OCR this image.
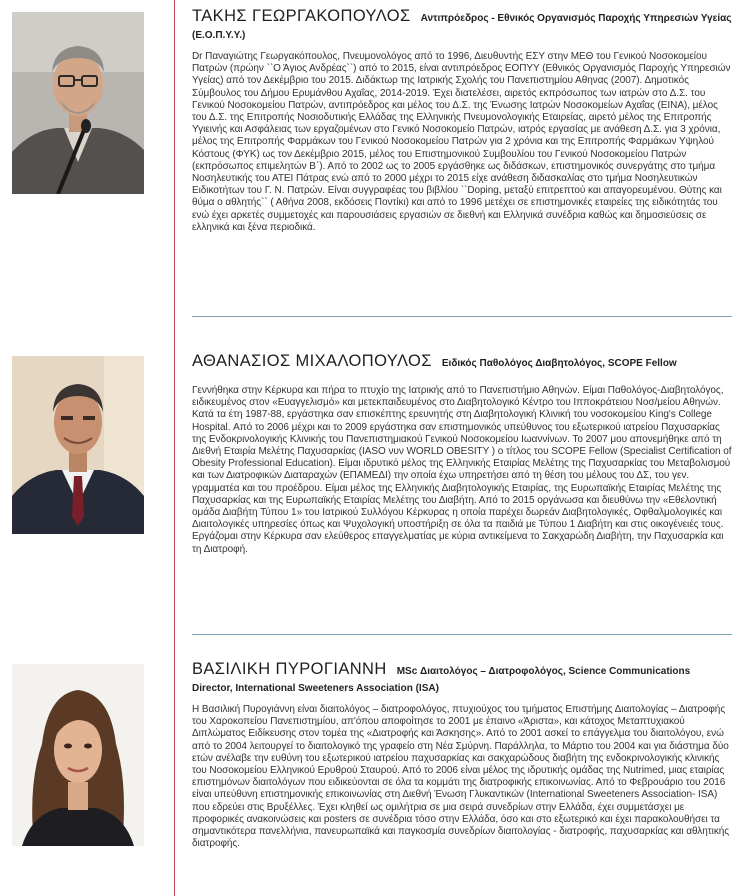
ΤΑΚΗΣ ΓΕΩΡΓΑΚΟΠΟΥΛΟΣ Αντιπρόεδρος - Εθνικός Οργανισμός Παροχής Υπηρεσιών Υγείας (Ε.Ο.Π.Υ.Υ.)
Dr Παναγιώτης Γεωργακόπουλος, Πνευμονολόγος από το 1996, Διευθυντής ΕΣΥ στην ΜΕΘ του Γενικού Νοσοκομείου Πατρών (πρώην ``Ο Άγιος Ανδρέας``) από το 2015, είναι αντιπρόεδρος ΕΟΠΥΥ (Εθνικός Οργανισμός Παροχής Υπηρεσιών Υγείας) από τον Δεκέμβριο του 2015. Διδάκτωρ της Ιατρικής Σχολής του Πανεπιστημίου Αθηνας (2007). Δημοτικός Σύμβουλος του Δήμου Ερυμάνθου Αχαΐας, 2014-2019. Έχει διατελέσει, αιρετός εκπρόσωπος των ιατρών στο Δ.Σ. του Γενικού Νοσοκομείου Πατρών, αντιπρόεδρος και μέλος του Δ.Σ. της Ένωσης Ιατρών Νοσοκομείων Αχαΐας (ΕΙΝΑ), μέλος του Δ.Σ. της Επιτροπής Νοσιοδυτικής Ελλάδας της Ελληνικής Πνευμονολογικής Εταιρείας, αιρετό μέλος της Επιτροπής Υγιεινής και Ασφάλειας των εργαζομένων στο Γενικό Νοσοκομείο Πατρών, ιατρός εργασίας με ανάθεση Δ.Σ. για 3 χρόνια, μέλος της Επιτροπής Φαρμάκων του Γενικού Νοσοκομείου Πατρών για 2 χρόνια και της Επιτροπής Φαρμάκων Υψηλού Κόστους (ΦΥΚ) ως τον Δεκέμβριο 2015, μέλος του Επιστημονικού Συμβουλίου του Γενικού Νοσοκομείου Πατρών (εκπρόσωπος επιμελητών Β΄). Από το 2002 ως το 2005 εργάσθηκε ως διδάσκων, επιστημονικός συνεργάτης στο τμήμα Νοσηλευτικής του ΑΤΕΙ Πάτρας ενώ από το 2000 μέχρι το 2015 είχε ανάθεση διδασκαλίας στο τμήμα Νοσηλευτικών Ειδικοτήτων του Γ. Ν. Πατρών. Είναι συγγραφέας του βιβλίου ``Doping, μεταξύ επιτρεπτού και απαγορευμένου. Θύτης και θύμα ο αθλητής`` ( Αθήνα 2008, εκδόσεις Ποντίκι) και από το 1996 μετέχει σε επιστημονικές εταιρείες της ειδικότητάς του ενώ έχει αρκετές συμμετοχές και παρουσιάσεις εργασιών σε διεθνή και Ελληνικά συνέδρια καθώς και δημοσιεύσεις σε ελληνικά και ξένα περιοδικά.
ΑΘΑΝΑΣΙΟΣ ΜΙΧΑΛΟΠΟΥΛΟΣ Ειδικός Παθολόγος Διαβητολόγος, SCOPE Fellow
Γεννήθηκα στην Κέρκυρα και πήρα το πτυχίο της Ιατρικής από το Πανεπιστήμιο Αθηνών. Είμαι Παθολόγος-Διαβητολόγος, ειδικευμένος στον «Ευαγγελισμό» και μετεκπαιδευμένος στο Διαβητολογικό Κέντρο του Ιπποκράτειου Νοσ/μείου Αθηνών. Κατά τα έτη 1987-88, εργάστηκα σαν επισκέπτης ερευνητής στη Διαβητολογική Κλινική του νοσοκομείου King's College Hospital. Από το 2006 μέχρι και το 2009 εργάστηκα σαν επιστημονικός υπεύθυνος του εξωτερικού ιατρείου Παχυσαρκίας της Ενδοκρινολογικής Κλινικής του Πανεπιστημιακού Γενικού Νοσοκομείου Ιωαννίνων. Το 2007 μου απονεμήθηκε από τη Διεθνή Εταιρία Μελέτης Παχυσαρκίας (IASO νυν WORLD OBESITY ) ο τίτλος του SCOPE Fellow (Specialist Certification of Obesity Professional Education). Είμαι ιδρυτικό μέλος της Ελληνικής Εταιρίας Μελέτης της Παχυσαρκίας του Μεταβολισμού και των Διατροφικών Διαταραχών (ΕΠΑΜΕΔΙ) την οποία έχω υπηρετήσει από τη θέση του μέλους του ΔΣ, του γεν. γραμματέα και του προέδρου. Είμαι μέλος της Ελληνικής Διαβητολογικής Εταιρίας, της Ευρωπαϊκής Εταιρίας Μελέτης της Παχυσαρκίας και της Ευρωπαϊκής Εταιρίας Μελέτης του Διαβήτη. Από το 2015 οργάνωσα και διευθύνω την «Εθελοντική ομάδα Διαβήτη Τύπου 1» του Ιατρικού Συλλόγου Κέρκυρας η οποία παρέχει δωρεάν Διαβητολογικές, Οφθαλμολογικές και Διαιτολογικές υπηρεσίες όπως και Ψυχολογική υποστήριξη σε όλα τα παιδιά με Τύπου 1 Διαβήτη και στις οικογένειές τους. Εργάζομαι στην Κέρκυρα σαν ελεύθερος επαγγελματίας με κύρια αντικείμενα το Σακχαρώδη Διαβήτη, την Παχυσαρκία και τη Διατροφή.
ΒΑΣΙΛΙΚΗ ΠΥΡΟΓΙΑΝΝΗ MSc Διαιτολόγος – Διατροφολόγος, Science Communications Director, International Sweeteners Association (ISA)
Η Βασιλική Πυρογιάννη είναι διαιτολόγος – διατροφολόγος, πτυχιούχος του τμήματος Επιστήμης Διαιτολογίας – Διατροφής του Χαροκοπείου Πανεπιστημίου, απ'όπου αποφοίτησε το 2001 με έπαινο «Άριστα», και κάτοχος Μεταπτυχιακού Διπλώματος Ειδίκευσης στον τομέα της «Διατροφής και Άσκησης». Από το 2001 ασκεί το επάγγελμα του διαιτολόγου, ενώ από το 2004 λειτουργεί το διαιτολογικό της γραφείο στη Νέα Σμύρνη. Παράλληλα, το Μάρτιο του 2004 και για διάστημα δύο ετών ανέλαβε την ευθύνη του εξωτερικού ιατρείου παχυσαρκίας και σακχαρώδους διαβήτη της ενδοκρινολογικής κλινικής του Νοσοκομείου Ελληνικού Ερυθρού Σταυρού. Από το 2006 είναι μέλος της ιδρυτικής ομάδας της Nutrimed, μιας εταιρίας επιστημόνων διαιτολόγων που ειδικεύονται σε όλα τα κομμάτι της διατροφικής επικοινωνίας. Από το Φεβρουάριο του 2016 είναι υπεύθυνη επιστημονικής επικοινωνίας στη Διεθνή Ένωση Γλυκαντικών (International Sweeteners Association- ISA) που εδρεύει στις Βρυξέλλες. Έχει κληθεί ως ομιλήτρια σε μια σειρά συνεδρίων στην Ελλάδα, έχει συμμετάσχει με προφορικές ανακοινώσεις και posters σε συνέδρια τόσο στην Ελλάδα, όσο και στο εξωτερικό και έχει παρακολουθήσει τα σημαντικότερα πανελλήνια, πανευρωπαϊκά και παγκοσμία συνεδρίων διαιτολογίας - διατροφής, παχυσαρκίας και αθλητικής διατροφής.
